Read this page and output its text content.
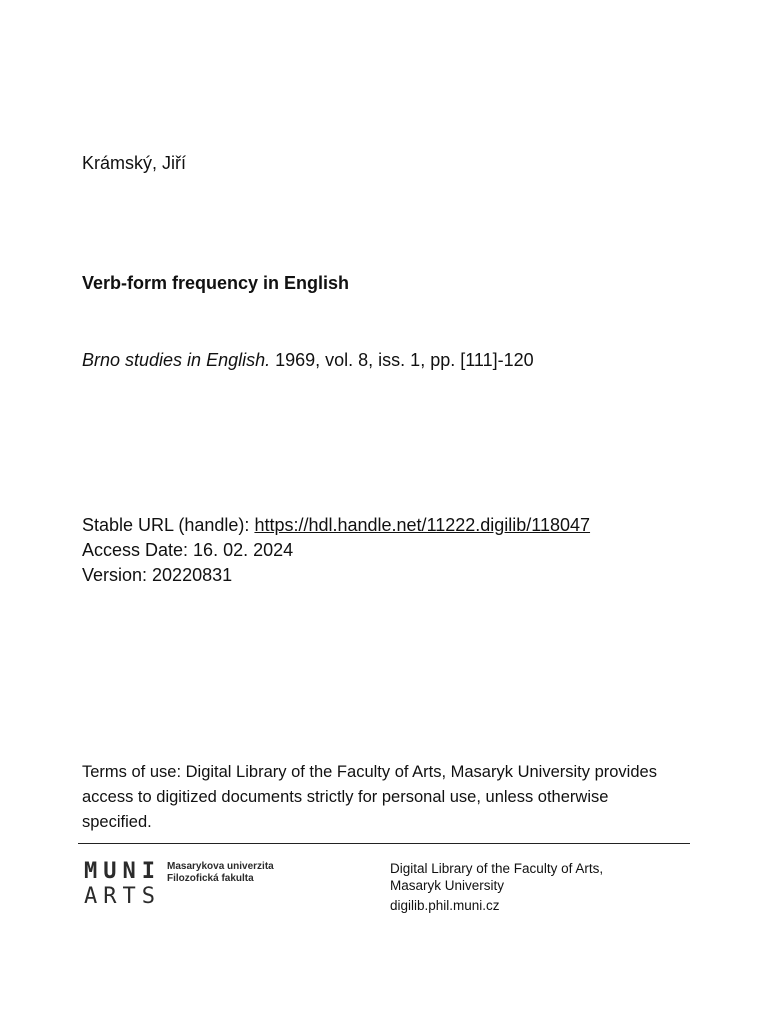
Krámský, Jiří
Verb-form frequency in English
Brno studies in English. 1969, vol. 8, iss. 1, pp. [111]-120
Stable URL (handle): https://hdl.handle.net/11222.digilib/118047
Access Date: 16. 02. 2024
Version: 20220831
Terms of use: Digital Library of the Faculty of Arts, Masaryk University provides access to digitized documents strictly for personal use, unless otherwise specified.
MUNI
ARTS
Masarykova univerzita
Filozofická fakulta
Digital Library of the Faculty of Arts,
Masaryk University
digilib.phil.muni.cz
